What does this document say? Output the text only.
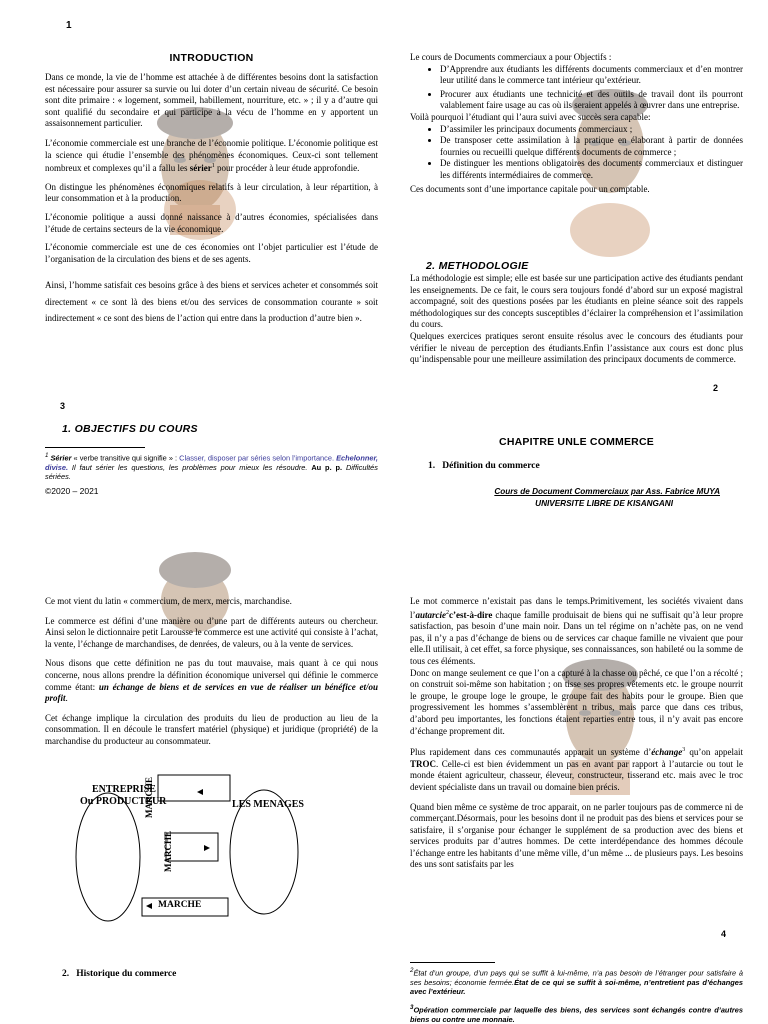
1
INTRODUCTION

Dans ce monde, la vie de l’homme est attachée à de différentes besoins dont la satisfaction est nécessaire pour assurer sa survie ou lui doter d’un certain niveau de sécurité. Ce besoin sont dite primaire : « logement, sommeil, habillement, nourriture, etc. » ; il y a d’autre qui sont qualifié du secondaire et qui participe à la vécu de l’homme en y apportent un assaisonnement particulier.

L’économie commerciale est une branche de l’économie politique. L’économie politique est la science qui étudie l’ensemble des phénomènes économiques. Ceux-ci sont tellement nombreux et complexes qu’il a fallu les sérier$^1$ pour procéder à leur étude approfondie.

On distingue les phénomènes économiques relatifs à leur circulation, à leur répartition, à leur consommation et à la production.

L’économie politique a aussi donné naissance à d’autres économies, spécialisées dans l’étude de certains secteurs de la vie économique.

L’économie commerciale est une de ces économies ont l’objet particulier est l’étude de l’organisation de la circulation des biens et de ses agents.

Ainsi, l’homme satisfait ces besoins grâce à des biens et services acheter et consommés soit directement « ce sont là des biens et/ou des services de consommation courante » soit indirectement « ce sont des biens de l’action qui entre dans la production d’autre bien ».

3
1. OBJECTIFS DU COURS
$^1$ Sérier « verbe transitive qui signifie » : Classer, disposer par séries selon l’importance. Echelonner, divise. Il faut sérier les questions, les problèmes pour mieux les résoudre. Au p. p. Difficultés sériées.
©2020 – 2021

Le cours de Documents commerciaux a pour Objectifs :

• D’Apprendre aux étudiants les différents documents commerciaux et d’en montrer leur utilité dans le commerce tant intérieur qu’extérieur.
• Procurer aux étudiants une technicité et des outils de travail dont ils pourront valablement faire usage au cas où ils seraient appelés à œuvrer dans une entreprise.

Voilà pourquoi l’étudiant qui l’aura suivi avec succès sera capable:

• D’assimiler les principaux documents commerciaux ;
• De transposer cette assimilation à la pratique en élaborant à partir de données fournies ou recueilli quelque différents documents de commerce ;
• De distinguer les mentions obligatoires des documents commerciaux et distinguer les différents intermédiaires de commerce.

Ces documents sont d’une importance capitale pour un comptable.

2. METHODOLOGIE

La méthodologie est simple; elle est basée sur une participation active des étudiants pendant les enseignements. De ce fait, le cours sera toujours fondé d’abord sur un exposé magistral accompagné, soit des questions posées par les étudiants en pleine séance soit des rappels méthodologiques sur des concepts susceptibles d’éclairer la compréhension et l’assimilation du cours.

Quelques exercices pratiques seront ensuite résolus avec le concours des étudiants pour vérifier le niveau de perception des étudiants.Enfin l’assistance aux cours est donc plus qu’indispensable pour une meilleure assimilation des principaux documents de commerce.

2
CHAPITRE UNLE COMMERCE
1.   Définition du commerce
Cours de Document Commerciaux par Ass. Fabrice MUYA
UNIVERSITE LIBRE DE KISANGANI

Ce mot vient du latin « commercium, de merx, mercis, marchandise.

Le commerce est défini d’une manière ou d’une part de différents auteurs ou chercheur. Ainsi selon le dictionnaire petit Larousse le commerce est une activité qui consiste à l’achat, la vente, l’échange de marchandises, de denrées, de valeurs, ou à la vente de services.

Nous disons que cette définition ne pas du tout mauvaise, mais quant à ce qui nous concerne, nous allons prendre la définition économique universel qui définie le commerce comme étant: un échange de biens et de services en vue de réaliser un bénéfice et/ou profit.

Cet échange implique la circulation des produits du lieu de production au lieu de la consommation. Il en découle le transfert matériel (physique) et juridique (propriété) de la marchandise du producteur au consommateur.

ENTREPRISE
Ou PRODUCTEUR	LES MENAGES
MARCHE
MARCHE
MARCHE
2.   Historique du commerce

Le mot commerce n’existait pas dans le temps.Primitivement, les sociétés vivaient dans l’autarcie$^2$c’est-à-dire chaque famille produisait de biens qui ne suffisait qu’à leur propre satisfaction, pas besoin d’une main noir. Dans un tel régime on n’achète pas, on ne vend pas, il n’y a pas d’échange de biens ou de services car chaque famille ne vivaient que pour elle.Il utilisait, à cet effet, sa force physique, ses connaissances, son habileté ou la somme de tous ces éléments.

Donc on mange seulement ce que l’on a capturé à la chasse ou pêché, ce que l’on a récolté ; on construit soi-même son habitation ; on tisse ses propres vêtements etc. le groupe nourrit le groupe, le groupe loge le groupe, le groupe fait des habits pour le groupe. Bien que progressivement les hommes s’assemblèrent n tribus, mais parce que dans ces tribus, d’abord peu importantes, les fonctions étaient reparties entre tous, il n’y avait pas encore d’échange proprement dit.

Plus rapidement dans ces communautés apparait un système d’échange$^3$ qu’on appelait TROC. Celle-ci est bien évidemment un pas en avant par rapport à l’autarcie ou tout le monde étaient agriculteur, chasseur, éleveur, constructeur, tisserand etc. mais avec le troc devient spécialiste dans un travail ou domaine bien précis.

Quand bien même ce système de troc apparait, on ne parler toujours pas de commerce ni de commerçant.Désormais, pour les besoins dont il ne produit pas des biens et services pour se satisfaire, il s’organise pour échanger le supplément de sa production avec des biens et services produits par d’autres hommes. De cette interdépendance des hommes découle l’échange entre les habitants d’une même ville, d’un même ... de plusieurs pays. Les besoins des uns sont satisfaits par les

4
$^2$État d’un groupe, d’un pays qui se suffit à lui-même, n’a pas besoin de l’étranger pour satisfaire à ses besoins; économie fermée.État de ce qui se suffit à soi-même, n’entretient pas d’échanges avec l’extérieur.
$^3$Opération commerciale par laquelle des biens, des services sont échangés contre d’autres biens ou contre une monnaie.
